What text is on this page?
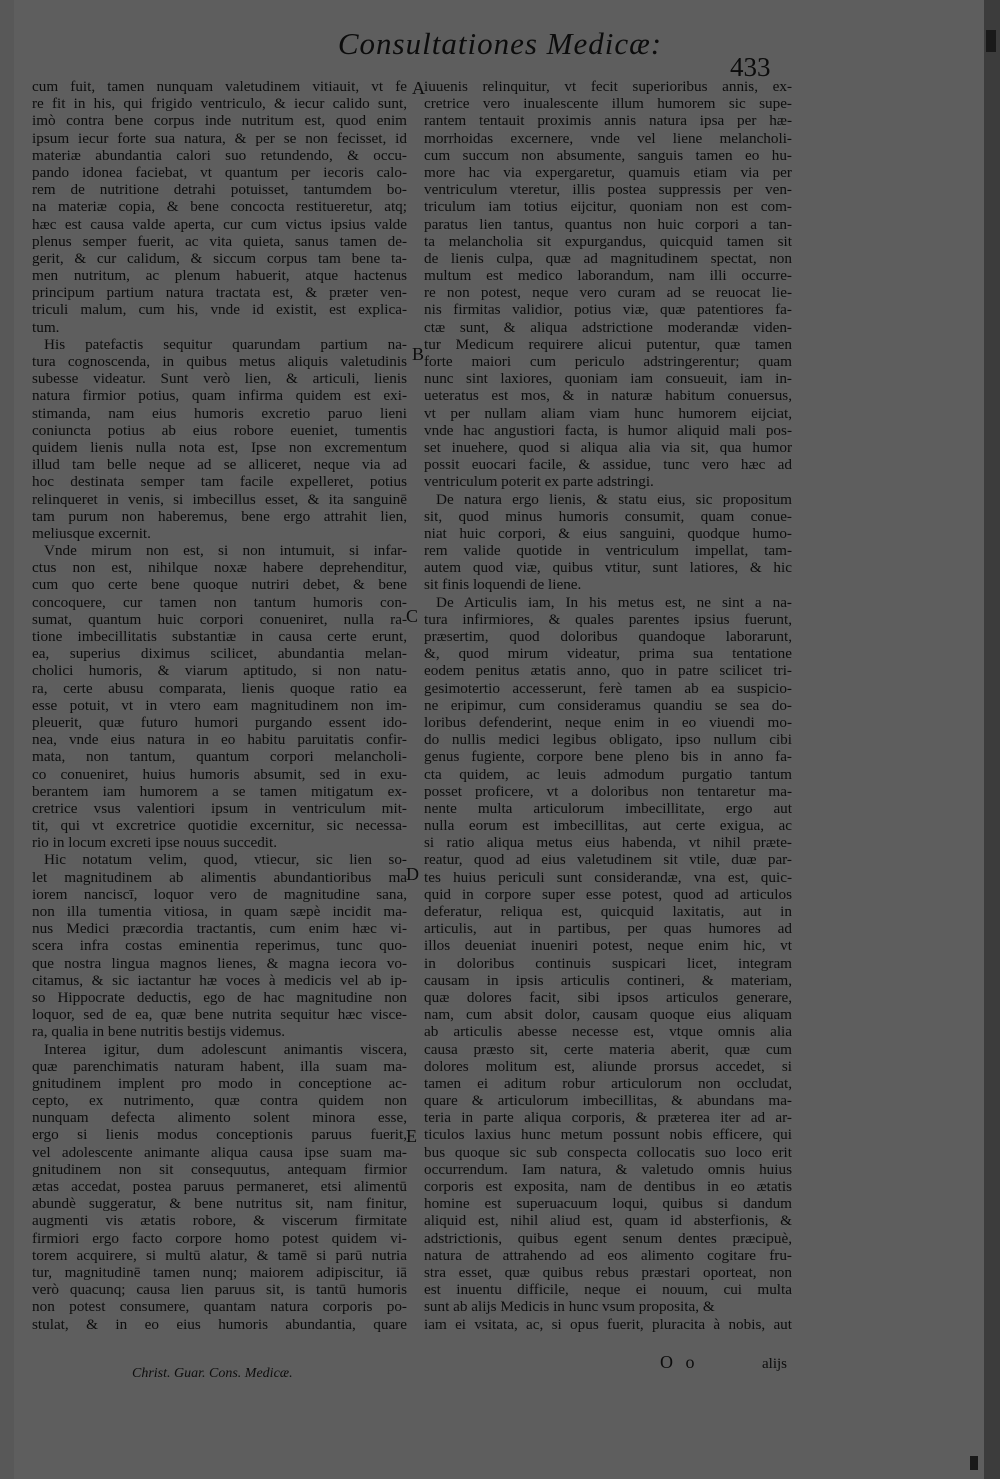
Consultationes Medicæ:
433
cum fuit, tamen nunquam valetudinem vitiauit, vt fe
re fit in his, qui frigido ventriculo, & iecur calido sunt,
imò contra bene corpus inde nutritum est, quod enim
ipsum iecur forte sua natura, & per se non fecisset, id
materiæ abundantia calori suo retundendo, & occu-
pando idonea faciebat, vt quantum per iecoris calo-
rem de nutritione detrahi potuisset, tantumdem bo-
na materiæ copia, & bene concocta restitueretur, atq;
hæc est causa valde aperta, cur cum victus ipsius valde
plenus semper fuerit, ac vita quieta, sanus tamen de-
gerit, & cur calidum, & siccum corpus tam bene ta-
men nutritum, ac plenum habuerit, atque hactenus
principum partium natura tractata est, & præter ven-
triculi malum, cum his, vnde id existit, est explica-
tum.
His patefactis sequitur quarundam partium na-
tura cognoscenda, in quibus metus aliquis valetudinis
subesse videatur. Sunt verò lien, & articuli, lienis
natura firmior potius, quam infirma quidem est exi-
stimanda, nam eius humoris excretio paruo lieni
coniuncta potius ab eius robore eueniet, tumentis
quidem lienis nulla nota est, Ipse non excrementum
illud tam belle neque ad se alliceret, neque via ad
hoc destinata semper tam facile expelleret, potius
relinqueret in venis, si imbecillus esset, & ita sanguinē
tam purum non haberemus, bene ergo attrahit lien,
meliusque excernit.
Vnde mirum non est, si non intumuit, si infar-
ctus non est, nihilque noxæ habere deprehenditur,
cum quo certe bene quoque nutriri debet, & bene
concoquere, cur tamen non tantum humoris con-
sumat, quantum huic corpori conueniret, nulla ra-
tione imbecillitatis substantiæ in causa certe erunt,
ea, superius diximus scilicet, abundantia melan-
cholici humoris, & viarum aptitudo, si non natu-
ra, certe abusu comparata, lienis quoque ratio ea
esse potuit, vt in vtero eam magnitudinem non im-
pleuerit, quæ futuro humori purgando essent ido-
nea, vnde eius natura in eo habitu paruitatis confir-
mata, non tantum, quantum corpori melancholi-
co conueniret, huius humoris absumit, sed in exu-
berantem iam humorem a se tamen mitigatum ex-
cretrice vsus valentiori ipsum in ventriculum mit-
tit, qui vt excretrice quotidie excernitur, sic necessa-
rio in locum excreti ipse nouus succedit.
Hic notatum velim, quod, vtiecur, sic lien so-
let magnitudinem ab alimentis abundantioribus ma
iorem nanciscī, loquor vero de magnitudine sana,
non illa tumentia vitiosa, in quam sæpè incidit ma-
nus Medici præcordia tractantis, cum enim hæc vi-
scera infra costas eminentia reperimus, tunc quo-
que nostra lingua magnos lienes, & magna iecora vo-
citamus, & sic iactantur hæ voces à medicis vel ab ip-
so Hippocrate deductis, ego de hac magnitudine non
loquor, sed de ea, quæ bene nutrita sequitur hæc visce-
ra, qualia in bene nutritis bestijs videmus.
Interea igitur, dum adolescunt animantis viscera,
quæ parenchimatis naturam habent, illa suam ma-
gnitudinem implent pro modo in conceptione ac-
cepto, ex nutrimento, quæ contra quidem non
nunquam defecta alimento solent minora esse,
ergo si lienis modus conceptionis paruus fuerit,
vel adolescente animante aliqua causa ipse suam ma-
gnitudinem non sit consequutus, antequam firmior
ætas accedat, postea paruus permaneret, etsi alimentū
abundè suggeratur, & bene nutritus sit, nam finitur,
augmenti vis ætatis robore, & viscerum firmitate
firmiori ergo facto corpore homo potest quidem vi-
torem acquirere, si multū alatur, & tamē si parū nutria
tur, magnitudinē tamen nunq; maiorem adipiscitur, iā
verò quacunq; causa lien paruus sit, is tantū humoris
non potest consumere, quantam natura corporis po-
stulat, & in eo eius humoris abundantia, quare
iuuenis relinquitur, vt fecit superioribus annis, ex-
cretrice vero inualescente illum humorem sic supe-
rantem tentauit proximis annis natura ipsa per hæ-
morrhoidas excernere, vnde vel liene melancholi-
cum succum non absumente, sanguis tamen eo hu-
more hac via expergaretur, quamuis etiam via per
ventriculum vteretur, illis postea suppressis per ven-
triculum iam totius eijcitur, quoniam non est com-
paratus lien tantus, quantus non huic corpori a tan-
ta melancholia sit expurgandus, quicquid tamen sit
de lienis culpa, quæ ad magnitudinem spectat, non
multum est medico laborandum, nam illi occurre-
re non potest, neque vero curam ad se reuocat lie-
nis firmitas validior, potius viæ, quæ patentiores fa-
ctæ sunt, & aliqua adstrictione moderandæ viden-
tur Medicum requirere alicui putentur, quæ tamen
forte maiori cum periculo adstringerentur; quam
nunc sint laxiores, quoniam iam consueuit, iam in-
ueteratus est mos, & in naturæ habitum conuersus,
vt per nullam aliam viam hunc humorem eijciat,
vnde hac angustiori facta, is humor aliquid mali pos-
set inuehere, quod si aliqua alia via sit, qua humor
possit euocari facile, & assidue, tunc vero hæc ad
ventriculum poterit ex parte adstringi.
De natura ergo lienis, & statu eius, sic propositum
sit, quod minus humoris consumit, quam conue-
niat huic corpori, & eius sanguini, quodque humo-
rem valide quotide in ventriculum impellat, tam-
autem quod viæ, quibus vtitur, sunt latiores, & hic
sit finis loquendi de liene.
De Articulis iam, In his metus est, ne sint a na-
tura infirmiores, & quales parentes ipsius fuerunt,
præsertim, quod doloribus quandoque laborarunt,
&, quod mirum videatur, prima sua tentatione
eodem penitus ætatis anno, quo in patre scilicet tri-
gesimotertio accesserunt, ferè tamen ab ea suspicio-
ne eripimur, cum consideramus quandiu se sea do-
loribus defenderint, neque enim in eo viuendi mo-
do nullis medici legibus obligato, ipso nullum cibi
genus fugiente, corpore bene pleno bis in anno fa-
cta quidem, ac leuis admodum purgatio tantum
posset proficere, vt a doloribus non tentaretur ma-
nente multa articulorum imbecillitate, ergo aut
nulla eorum est imbecillitas, aut certe exigua, ac
si ratio aliqua metus eius habenda, vt nihil præte-
reatur, quod ad eius valetudinem sit vtile, duæ par-
tes huius periculi sunt considerandæ, vna est, quic-
quid in corpore super esse potest, quod ad articulos
deferatur, reliqua est, quicquid laxitatis, aut in
articulis, aut in partibus, per quas humores ad
illos deueniat inueniri potest, neque enim hic, vt
in doloribus continuis suspicari licet, integram
causam in ipsis articulis contineri, & materiam,
quæ dolores facit, sibi ipsos articulos generare,
nam, cum absit dolor, causam quoque eius aliquam
ab articulis abesse necesse est, vtque omnis alia
causa præsto sit, certe materia aberit, quæ cum
dolores molitum est, aliunde prorsus accedet, si
tamen ei aditum robur articulorum non occludat,
quare & articulorum imbecillitas, & abundans ma-
teria in parte aliqua corporis, & præterea iter ad ar-
ticulos laxius hunc metum possunt nobis efficere, qui
bus quoque sic sub conspecta collocatis suo loco erit
occurrendum. Iam natura, & valetudo omnis huius
corporis est exposita, nam de dentibus in eo ætatis
homine est superuacuum loqui, quibus si dandum
aliquid est, nihil aliud est, quam id absterfionis, &
adstrictionis, quibus egent senum dentes præcipuè,
natura de attrahendo ad eos alimento cogitare fru-
stra esset, quæ quibus rebus præstari oporteat, non
est inuentu difficile, neque ei nouum, cui multa
sunt ab alijs Medicis in hunc vsum proposita, &
iam ei vsitata, ac, si opus fuerit, pluracita à nobis, aut
A
B
C
D
E
Christ. Guar. Cons. Medicæ.
O o	alijs
